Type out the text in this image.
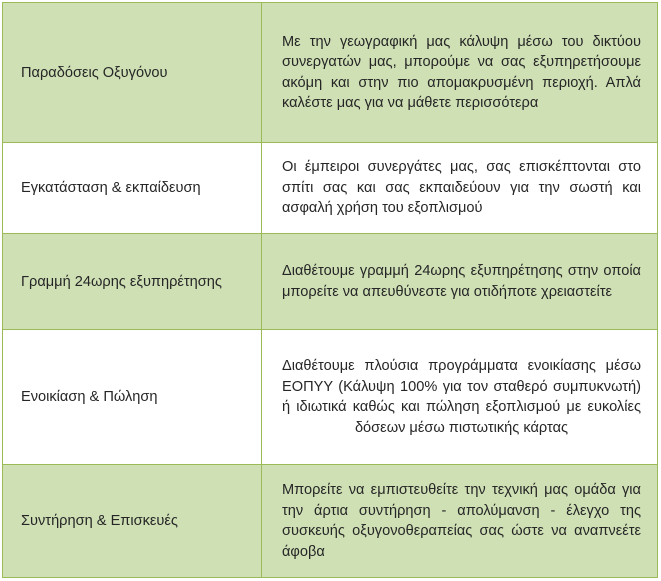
Παραδόσεις Οξυγόνου	Με την γεωγραφική μας κάλυψη μέσω του δικτύου συνεργατών μας, μπορούμε να σας εξυπηρετήσουμε ακόμη και στην πιο απομακρυσμένη περιοχή. Απλά καλέστε μας για να μάθετε περισσότερα
Εγκατάσταση & εκπαίδευση	Οι έμπειροι συνεργάτες μας, σας επισκέπτονται στο σπίτι σας και σας εκπαιδεύουν για την σωστή και ασφαλή χρήση του εξοπλισμού
Γραμμή 24ωρης εξυπηρέτησης	Διαθέτουμε γραμμή 24ωρης εξυπηρέτησης στην οποία μπορείτε να απευθύνεστε για οτιδήποτε χρειαστείτε
Ενοικίαση & Πώληση	Διαθέτουμε πλούσια προγράμματα ενοικίασης μέσω ΕΟΠΥΥ (Κάλυψη 100% για τον σταθερό συμπυκνωτή) ή ιδιωτικά καθώς και πώληση εξοπλισμού με ευκολίες δόσεων μέσω πιστωτικής κάρτας
Συντήρηση & Επισκευές	Μπορείτε να εμπιστευθείτε την τεχνική μας ομάδα για την άρτια συντήρηση - απολύμανση - έλεγχο της συσκευής οξυγονοθεραπείας σας ώστε να αναπνεέτε άφοβα
